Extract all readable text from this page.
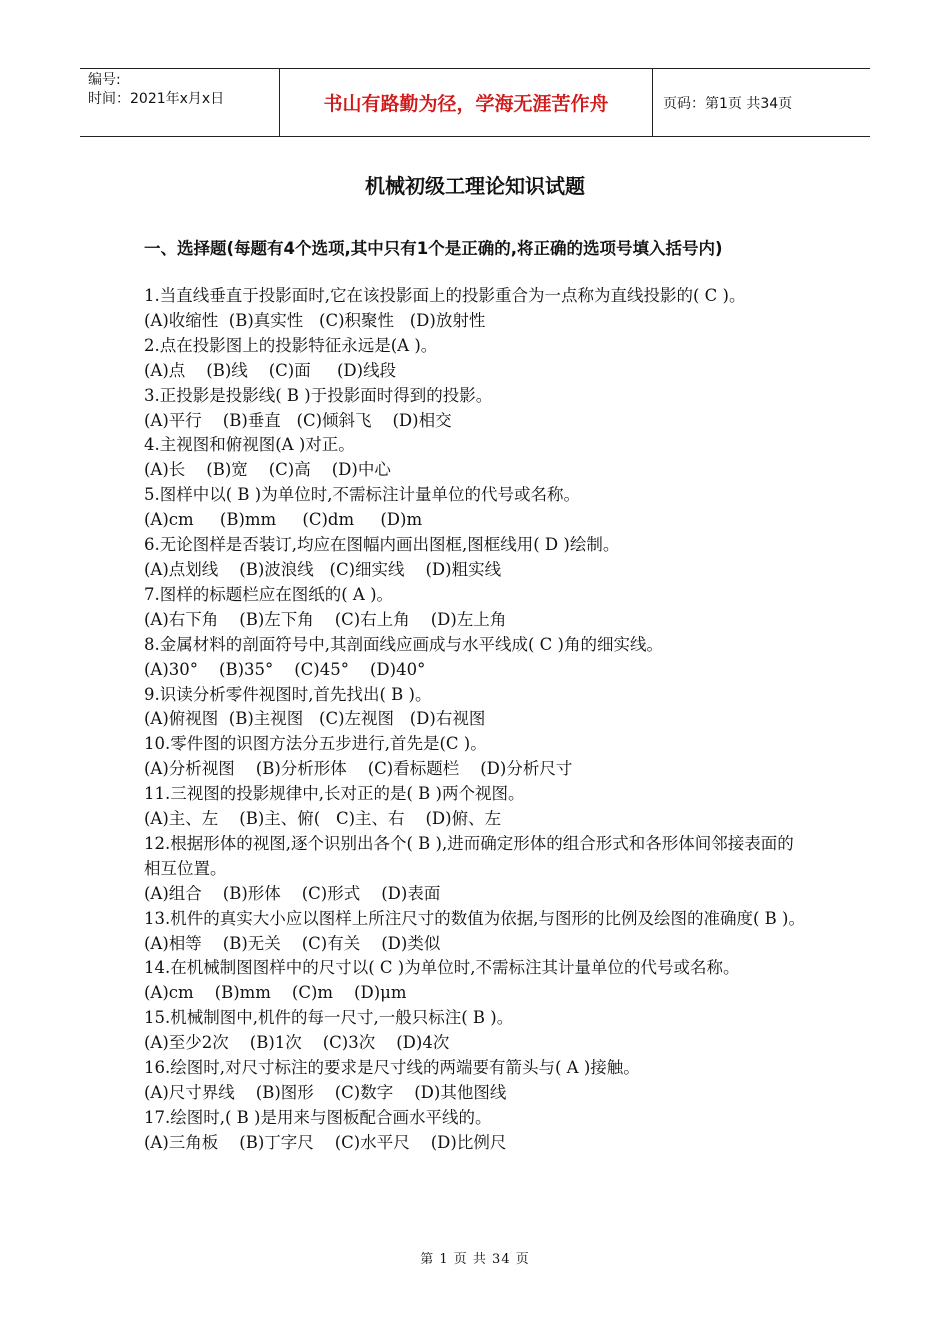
编号:
时间：2021年x月x日	书山有路勤为径，学海无涯苦作舟	页码：第1页 共34页
机械初级工理论知识试题
一、选择题(每题有4个选项,其中只有1个是正确的,将正确的选项号填入括号内)
1.当直线垂直于投影面时,它在该投影面上的投影重合为一点称为直线投影的( C )。
(A)收缩性  (B)真实性   (C)积聚性   (D)放射性
2.点在投影图上的投影特征永远是(A )。
(A)点    (B)线    (C)面     (D)线段
3.正投影是投影线( B )于投影面时得到的投影。
(A)平行    (B)垂直   (C)倾斜飞    (D)相交
4.主视图和俯视图(A )对正。
(A)长    (B)宽    (C)高    (D)中心
5.图样中以( B )为单位时,不需标注计量单位的代号或名称。
(A)cm     (B)mm     (C)dm     (D)m
6.无论图样是否装订,均应在图幅内画出图框,图框线用( D )绘制。
(A)点划线    (B)波浪线   (C)细实线    (D)粗实线
7.图样的标题栏应在图纸的( A )。
(A)右下角    (B)左下角    (C)右上角    (D)左上角
8.金属材料的剖面符号中,其剖面线应画成与水平线成( C )角的细实线。
(A)30°    (B)35°    (C)45°    (D)40°
9.识读分析零件视图时,首先找出( B )。
(A)俯视图  (B)主视图   (C)左视图   (D)右视图
10.零件图的识图方法分五步进行,首先是(C )。
(A)分析视图    (B)分析形体    (C)看标题栏    (D)分析尺寸
11.三视图的投影规律中,长对正的是( B )两个视图。
(A)主、左    (B)主、俯(   C)主、右    (D)俯、左
12.根据形体的视图,逐个识别出各个( B ),进而确定形体的组合形式和各形体间邻接表面的相互位置。
(A)组合    (B)形体    (C)形式    (D)表面
13.机件的真实大小应以图样上所注尺寸的数值为依据,与图形的比例及绘图的准确度( B )。
(A)相等    (B)无关    (C)有关    (D)类似
14.在机械制图图样中的尺寸以( C )为单位时,不需标注其计量单位的代号或名称。
(A)cm    (B)mm    (C)m    (D)μm
15.机械制图中,机件的每一尺寸,一般只标注( B )。
(A)至少2次    (B)1次    (C)3次    (D)4次
16.绘图时,对尺寸标注的要求是尺寸线的两端要有箭头与( A )接触。
(A)尺寸界线    (B)图形    (C)数字    (D)其他图线
17.绘图时,( B )是用来与图板配合画水平线的。
(A)三角板    (B)丁字尺    (C)水平尺    (D)比例尺
第 1 页 共 34 页
